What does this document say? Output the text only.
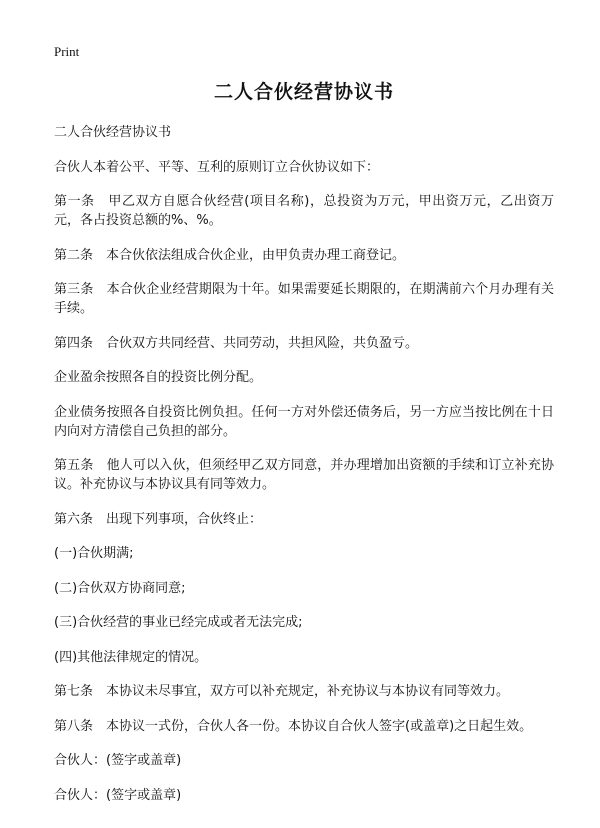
Print
二人合伙经营协议书

二人合伙经营协议书

合伙人本着公平、平等、互利的原则订立合伙协议如下：

第一条　甲乙双方自愿合伙经营(项目名称)，总投资为万元，甲出资万元，乙出资万元，各占投资总额的%、%。

第二条　本合伙依法组成合伙企业，由甲负责办理工商登记。

第三条　本合伙企业经营期限为十年。如果需要延长期限的，在期满前六个月办理有关手续。

第四条　合伙双方共同经营、共同劳动，共担风险，共负盈亏。

企业盈余按照各自的投资比例分配。

企业债务按照各自投资比例负担。任何一方对外偿还债务后，另一方应当按比例在十日内向对方清偿自己负担的部分。

第五条　他人可以入伙，但须经甲乙双方同意，并办理增加出资额的手续和订立补充协议。补充协议与本协议具有同等效力。

第六条　出现下列事项，合伙终止：

(一)合伙期满;

(二)合伙双方协商同意;

(三)合伙经营的事业已经完成或者无法完成;

(四)其他法律规定的情况。

第七条　本协议未尽事宜，双方可以补充规定，补充协议与本协议有同等效力。

第八条　本协议一式份，合伙人各一份。本协议自合伙人签字(或盖章)之日起生效。

合伙人：(签字或盖章)

合伙人：(签字或盖章)
